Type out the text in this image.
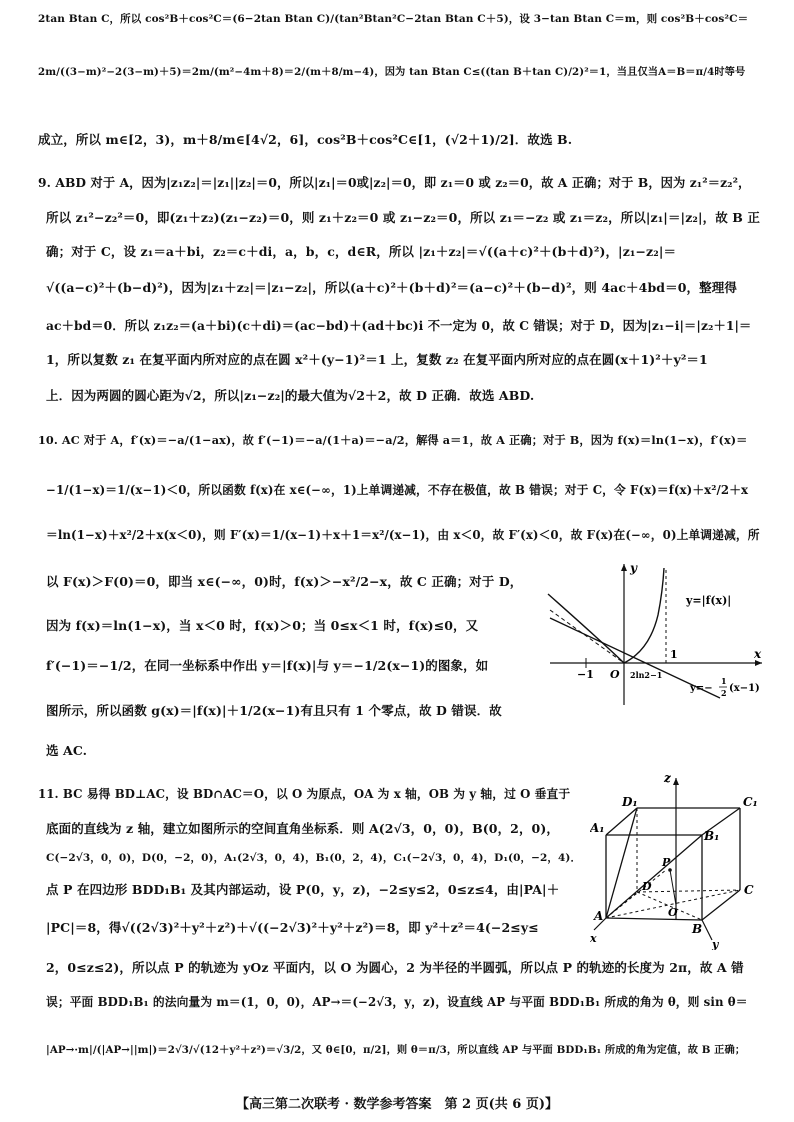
2tan Btan C，所以 cos²B＋cos²C＝(6−2tan Btan C)/(tan²Btan²C−2tan Btan C＋5)，设 3−tan Btan C＝m，则 cos²B＋cos²C＝
2m/((3−m)²−2(3−m)＋5)＝2m/(m²−4m＋8)＝2/(m＋8/m−4)，因为 tan Btan C≤((tan B＋tan C)/2)²＝1，当且仅当A＝B＝π/4时等号
成立，所以 m∈[2，3)，m＋8/m∈[4√2，6]，cos²B＋cos²C∈[1，(√2＋1)/2]．故选 B.
9. ABD 对于 A，因为|z₁z₂|＝|z₁||z₂|＝0，所以|z₁|＝0或|z₂|＝0，即 z₁＝0 或 z₂＝0，故 A 正确；对于 B，因为 z₁²＝z₂²，
所以 z₁²−z₂²＝0，即(z₁＋z₂)(z₁−z₂)＝0，则 z₁＋z₂＝0 或 z₁−z₂＝0，所以 z₁＝−z₂ 或 z₁＝z₂，所以|z₁|＝|z₂|，故 B 正
确；对于 C，设 z₁＝a＋bi，z₂＝c＋di，a，b，c，d∈R，所以 |z₁＋z₂|＝√((a＋c)²＋(b＋d)²)，|z₁−z₂|＝
√((a−c)²＋(b−d)²)，因为|z₁＋z₂|＝|z₁−z₂|，所以(a＋c)²＋(b＋d)²＝(a−c)²＋(b−d)²，则 4ac＋4bd＝0，整理得
ac＋bd＝0．所以 z₁z₂＝(a＋bi)(c＋di)＝(ac−bd)＋(ad＋bc)i 不一定为 0，故 C 错误；对于 D，因为|z₁−i|＝|z₂＋1|＝
1，所以复数 z₁ 在复平面内所对应的点在圆 x²＋(y−1)²＝1 上，复数 z₂ 在复平面内所对应的点在圆(x＋1)²＋y²＝1
上．因为两圆的圆心距为√2，所以|z₁−z₂|的最大值为√2＋2，故 D 正确．故选 ABD.
10. AC 对于 A，f′(x)＝−a/(1−ax)，故 f′(−1)＝−a/(1＋a)＝−a/2，解得 a＝1，故 A 正确；对于 B，因为 f(x)＝ln(1−x)，f′(x)＝
−1/(1−x)＝1/(x−1)＜0，所以函数 f(x)在 x∈(−∞，1)上单调递减，不存在极值，故 B 错误；对于 C，令 F(x)＝f(x)＋x²/2＋x
＝ln(1−x)＋x²/2＋x(x＜0)，则 F′(x)＝1/(x−1)＋x＋1＝x²/(x−1)，由 x＜0，故 F′(x)＜0，故 F(x)在(−∞，0)上单调递减，所
以 F(x)＞F(0)＝0，即当 x∈(−∞，0)时，f(x)＞−x²/2−x，故 C 正确；对于 D，
因为 f(x)＝ln(1−x)，当 x＜0 时，f(x)＞0；当 0≤x＜1 时，f(x)≤0，又
f′(−1)＝−1/2，在同一坐标系中作出 y＝|f(x)|与 y＝−1/2(x−1)的图象，如
图所示，所以函数 g(x)＝|f(x)|＋1/2(x−1)有且只有 1 个零点，故 D 错误．故
选 AC.
y
x
O
−1
1
2ln2−1
y=|f(x)|
y=−
1
2 (x−1)
11. BC 易得 BD⊥AC，设 BD∩AC＝O，以 O 为原点，OA 为 x 轴，OB 为 y 轴，过 O 垂直于
底面的直线为 z 轴，建立如图所示的空间直角坐标系．则 A(2√3，0，0)，B(0，2，0)，
C(−2√3，0，0)，D(0，−2，0)，A₁(2√3，0，4)，B₁(0，2，4)，C₁(−2√3，0，4)，D₁(0，−2，4)．
点 P 在四边形 BDD₁B₁ 及其内部运动，设 P(0，y，z)，−2≤y≤2，0≤z≤4，由|PA|＋
|PC|＝8，得√((2√3)²＋y²＋z²)＋√((−2√3)²＋y²＋z²)＝8，即 y²＋z²＝4(−2≤y≤
2，0≤z≤2)，所以点 P 的轨迹为 yOz 平面内，以 O 为圆心，2 为半径的半圆弧，所以点 P 的轨迹的长度为 2π，故 A 错
误；平面 BDD₁B₁ 的法向量为 m＝(1，0，0)，AP→＝(−2√3，y，z)，设直线 AP 与平面 BDD₁B₁ 所成的角为 θ，则 sin θ＝
|AP→·m|/(|AP→||m|)＝2√3/√(12＋y²＋z²)＝√3/2，又 θ∈[0，π/2]，则 θ＝π/3，所以直线 AP 与平面 BDD₁B₁ 所成的角为定值，故 B 正确；
z
D₁	C₁
A₁
B₁
P
C
D
O
A
B
x	y
【高三第二次联考 · 数学参考答案　第 2 页(共 6 页)】
